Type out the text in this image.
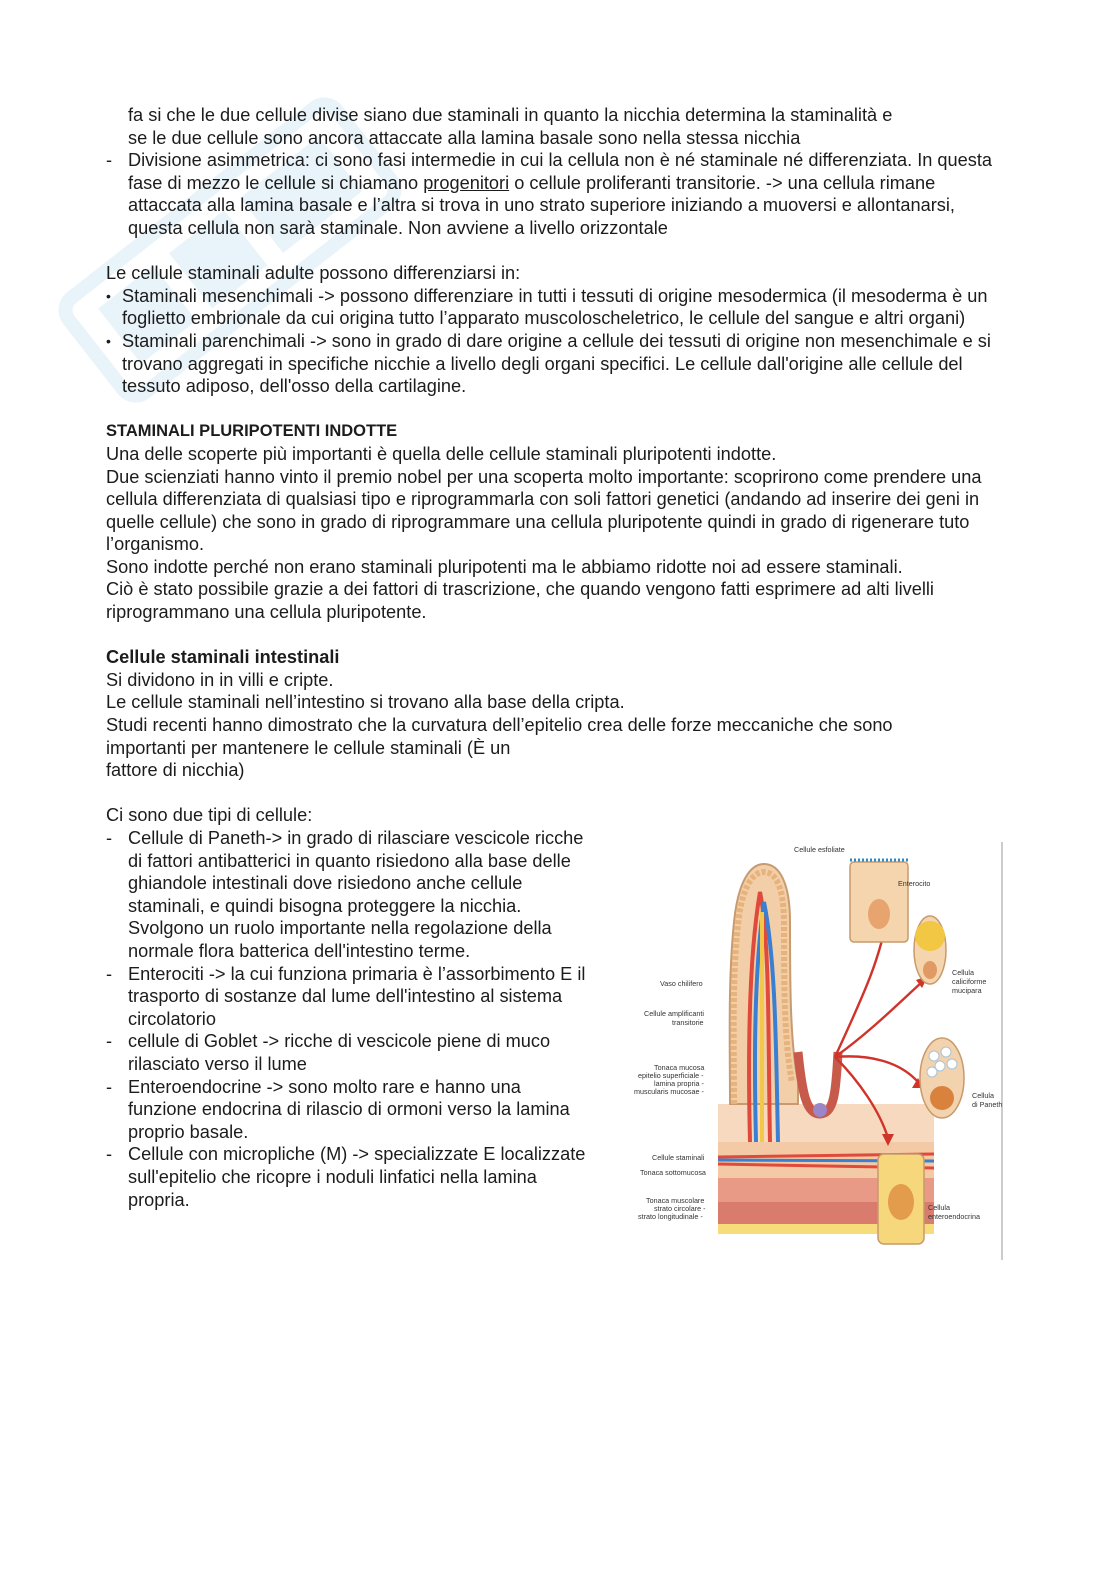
fa si che le due cellule divise siano due staminali in quanto la nicchia determina la staminalità e

se le due cellule sono ancora attaccate alla lamina basale sono nella stessa nicchia

- Divisione asimmetrica: ci sono fasi intermedie in cui la cellula non è né staminale né differenziata. In questa fase di mezzo le cellule si chiamano progenitori o cellule proliferanti transitorie. -> una cellula rimane attaccata alla lamina basale e l’altra si trova in uno strato superiore iniziando a muoversi e allontanarsi, questa cellula non sarà staminale. Non avviene a livello orizzontale

Le cellule staminali adulte possono differenziarsi in:

• Staminali mesenchimali -> possono differenziare in tutti i tessuti di origine mesodermica (il mesoderma è un foglietto embrionale da cui origina tutto l’apparato muscoloscheletrico, le cellule del sangue e altri organi)

• Staminali parenchimali -> sono in grado di dare origine a cellule dei tessuti di origine non mesenchimale e si trovano aggregati in specifiche nicchie a livello degli organi specifici. Le cellule dall'origine alle cellule del tessuto adiposo, dell'osso della cartilagine.

STAMINALI PLURIPOTENTI INDOTTE

Una delle scoperte più importanti è quella delle cellule staminali pluripotenti indotte.

Due scienziati hanno vinto il premio nobel per una scoperta molto importante: scoprirono come prendere una cellula differenziata di qualsiasi tipo e riprogrammarla con soli fattori genetici (andando ad inserire dei geni in quelle cellule) che sono in grado di riprogrammare una cellula pluripotente quindi in grado di rigenerare tuto l’organismo.

Sono indotte perché non erano staminali pluripotenti ma le abbiamo ridotte noi ad essere staminali.

Ciò è stato possibile grazie a dei fattori di trascrizione, che quando vengono fatti esprimere ad alti livelli riprogrammano una cellula pluripotente.

Cellule staminali intestinali

Si dividono in in villi e cripte.

Le cellule staminali nell’intestino si trovano alla base della cripta.

Studi recenti hanno dimostrato che la curvatura dell’epitelio crea delle forze meccaniche che sono

importanti per mantenere le cellule staminali (È un

fattore di nicchia)

Ci sono due tipi di cellule:

- Cellule di Paneth-> in grado di rilasciare vescicole ricche di fattori antibatterici in quanto risiedono alla base delle ghiandole intestinali dove risiedono anche cellule staminali, e quindi bisogna proteggere la nicchia. Svolgono un ruolo importante nella regolazione della normale flora batterica dell'intestino terme.

- Enterociti -> la cui funziona primaria è l’assorbimento E il trasporto di sostanze dal lume dell'intestino al sistema circolatorio

- cellule di Goblet -> ricche di vescicole piene di muco rilasciato verso il lume

- Enteroendocrine -> sono molto rare e hanno una funzione endocrina di rilascio di ormoni verso la lamina proprio basale.

- Cellule con micropliche (M) -> specializzate E localizzate sull'epitelio che ricopre i noduli linfatici nella lamina propria.

Cellule esfoliate
Enterocito
Vaso chilifero
Cellule amplificanti
transitorie
Tonaca mucosa
epitelio superficiale -
lamina propria -
muscularis mucosae -
Cellule staminali
Tonaca sottomucosa
Tonaca muscolare
strato circolare -
strato longitudinale -
Cellula
caliciforme
mucipara
Cellula
di Paneth
Cellula
enteroendocrina
